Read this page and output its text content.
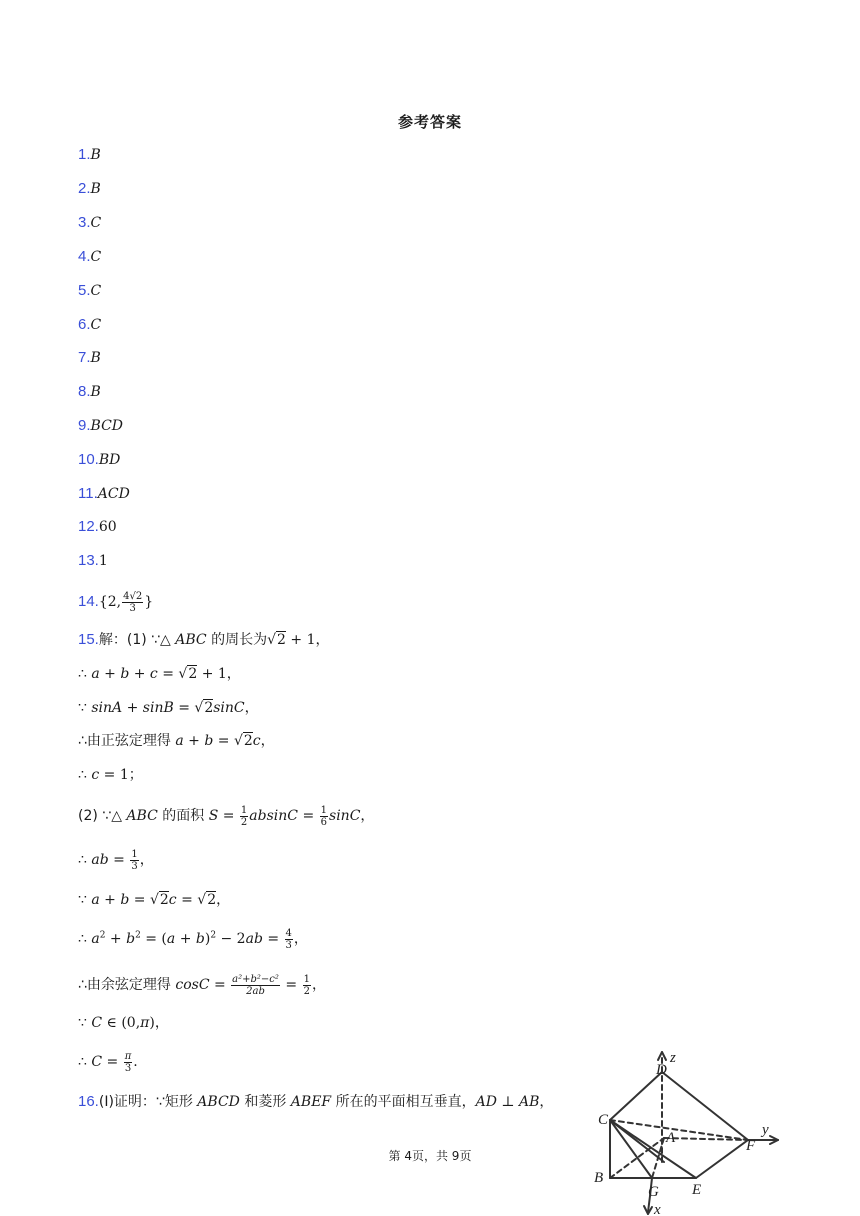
参考答案
1.B
2.B
3.C
4.C
5.C
6.C
7.B
8.B
9.BCD
10.BD
11.ACD
12.60
13.1
14.{2, $\frac{4√2}{3}$ }
15.解：(1) ∵△ ABC 的周长为√2 + 1，
∴ a + b + c = √2 + 1，
∵ sinA + sinB = √2sinC，
∴由正弦定理得 a + b = √2c，
∴ c = 1；
(2) ∵△ ABC 的面积 $S = \frac{1}{2}$ $absinC = \frac{1}{6}$ sinC，
∴ ab = $\frac{1}{3}$ ，
∵ a + b = √2c = √2，
∴ $a^2 + b^2 = (a + b)^2 - 2ab = \frac{4}{3}$ ，
∴由余弦定理得 $\cos C = \frac{\text{a²+b²−c²}}{2ab} = \frac{1}{2}$ ，
∵ C ∈ (0,π)，
∴ $C = \frac{\pi}{3}$ .
16.(Ⅰ)证明：∵矩形 ABCD 和菱形 ABEF 所在的平面相互垂直，AD ⊥ AB，
第 4页，共 9页
z
D
C
A	y
F
B
G E
x
